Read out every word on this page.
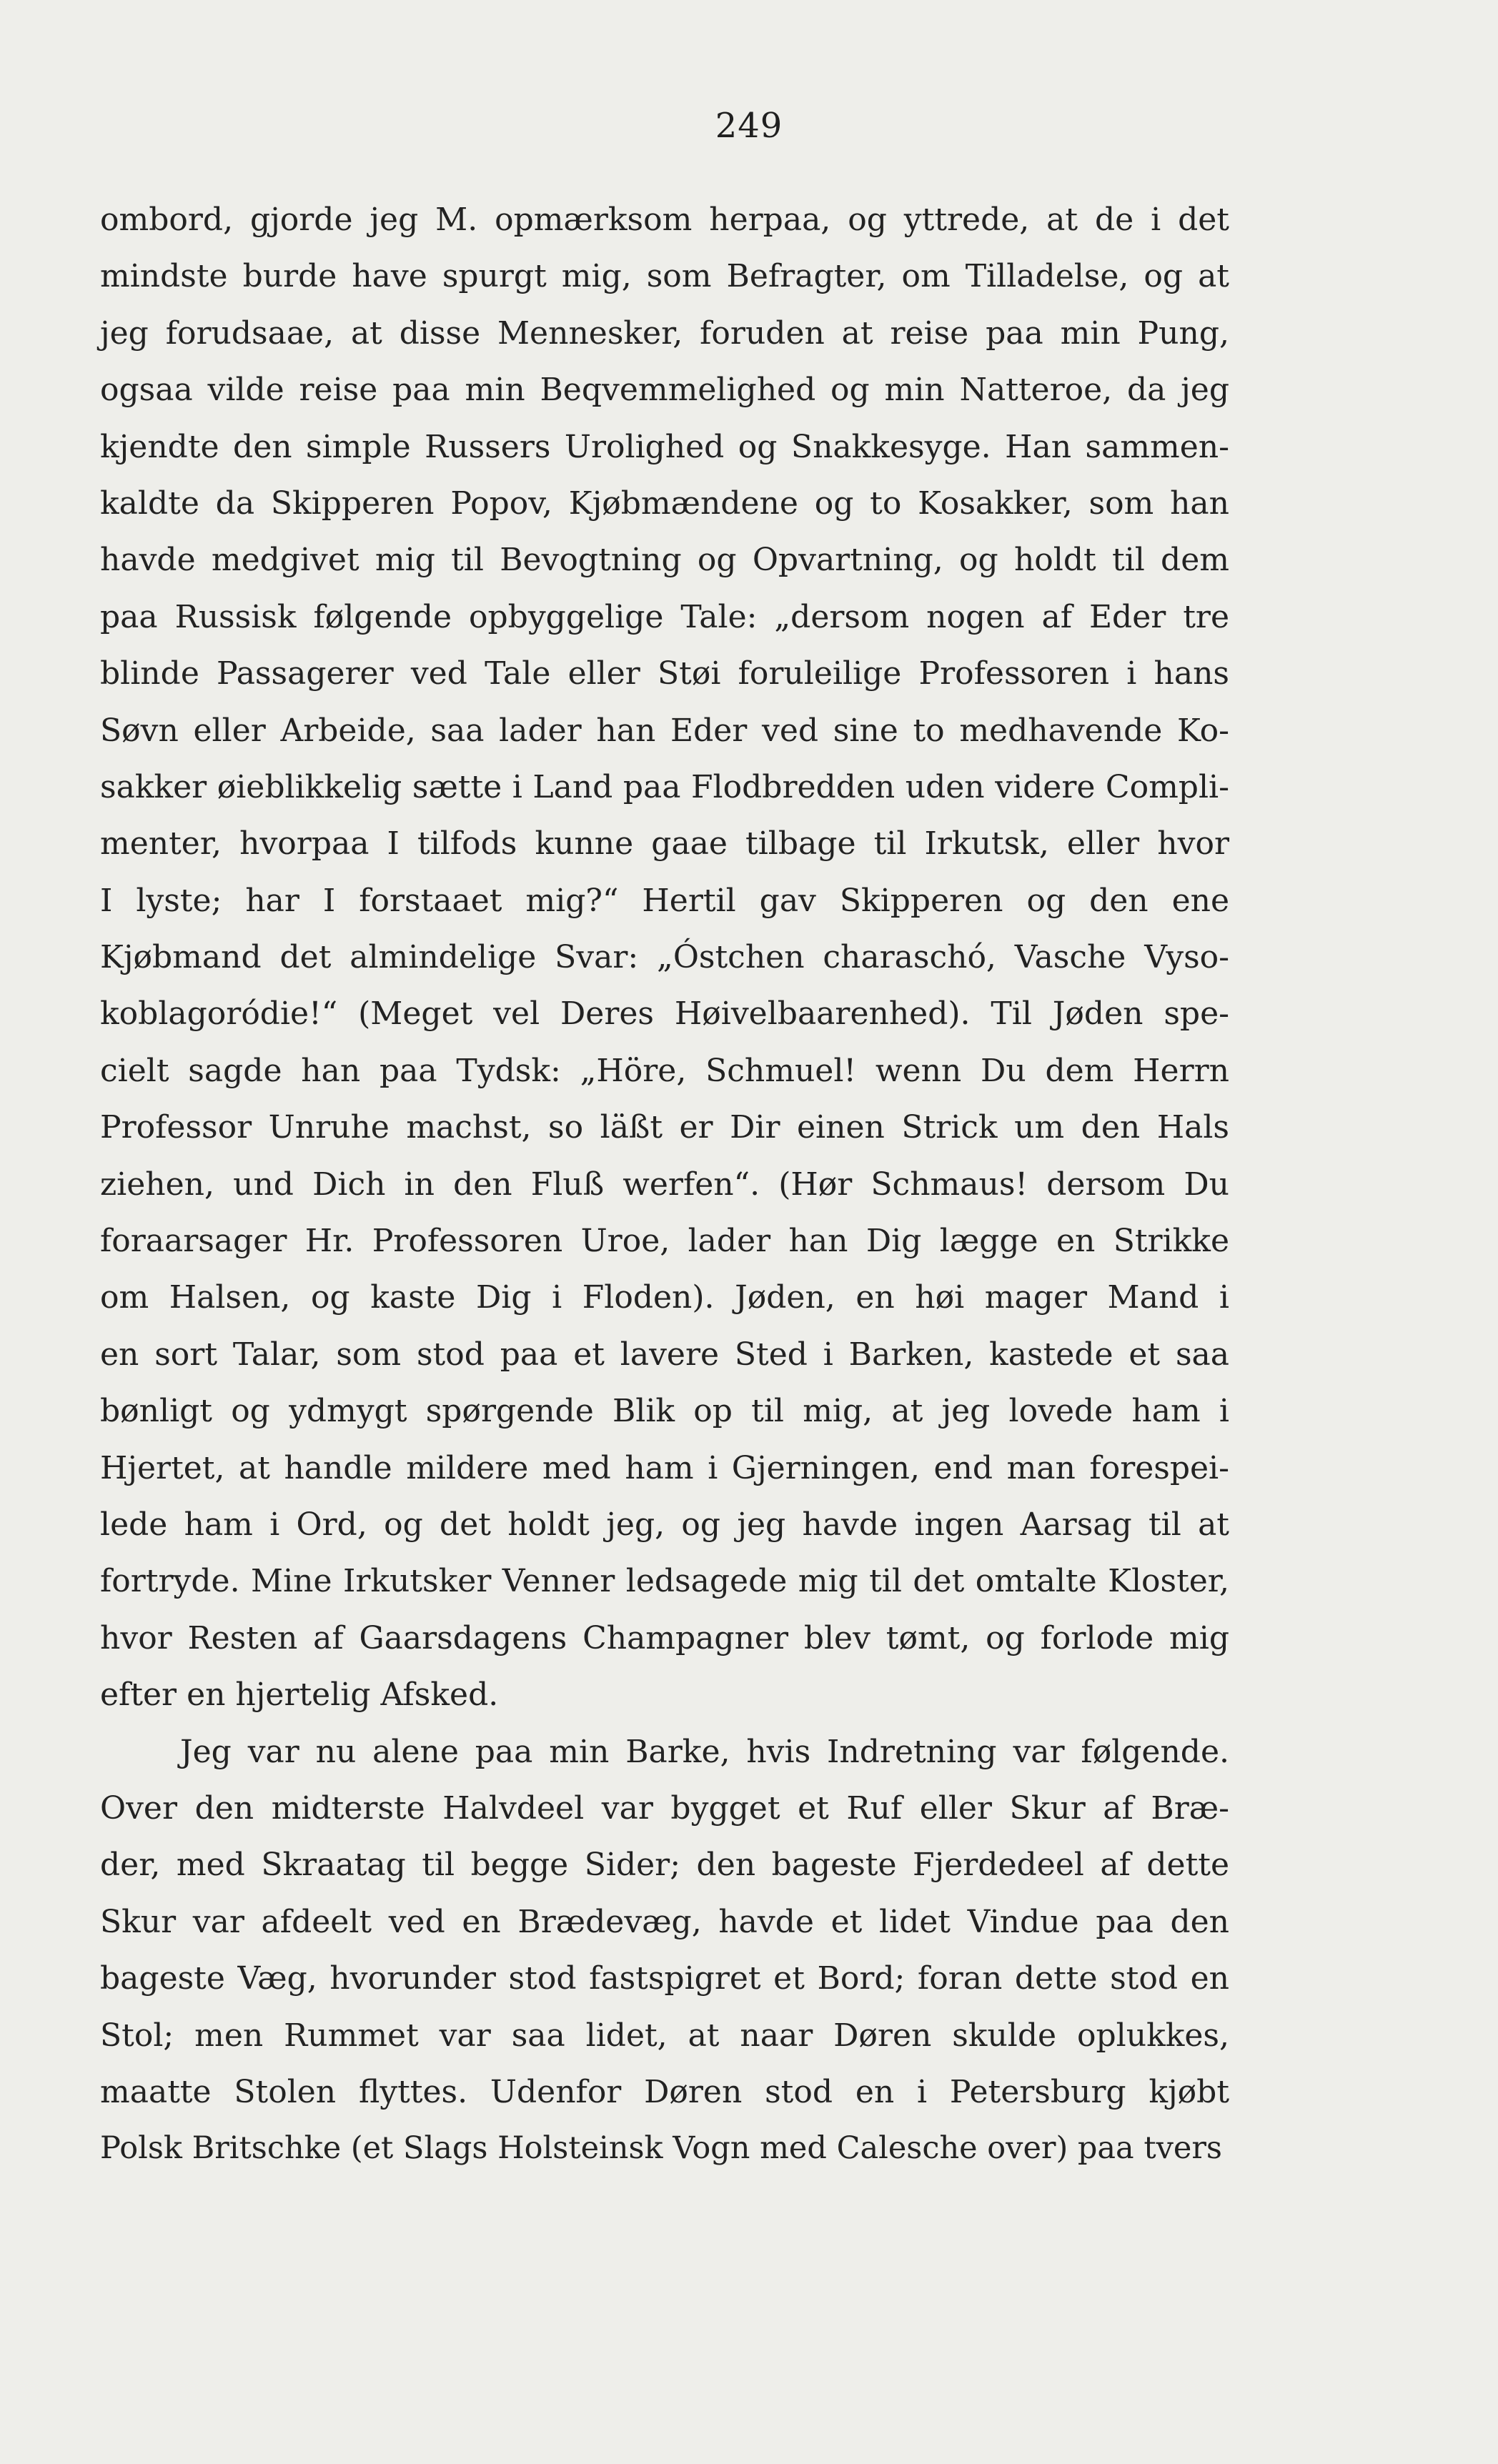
249
ombord, gjorde jeg M. opmærksom herpaa, og yttrede, at de i det
mindste burde have spurgt mig, som Befragter, om Tilladelse, og at
jeg forudsaae, at disse Mennesker, foruden at reise paa min Pung,
ogsaa vilde reise paa min Beqvemmelighed og min Natteroe, da jeg
kjendte den simple Russers Urolighed og Snakkesyge. Han sammen-
kaldte da Skipperen Popov, Kjøbmændene og to Kosakker, som han
havde medgivet mig til Bevogtning og Opvartning, og holdt til dem
paa Russisk følgende opbyggelige Tale: „dersom nogen af Eder tre
blinde Passagerer ved Tale eller Støi foruleilige Professoren i hans
Søvn eller Arbeide, saa lader han Eder ved sine to medhavende Ko-
sakker øieblikkelig sætte i Land paa Flodbredden uden videre Compli-
menter, hvorpaa I tilfods kunne gaae tilbage til Irkutsk, eller hvor
I lyste; har I forstaaet mig?“ Hertil gav Skipperen og den ene
Kjøbmand det almindelige Svar: „Óstchen charaschó, Vasche Vyso-
koblagoródie!“ (Meget vel Deres Høivelbaarenhed). Til Jøden spe-
cielt sagde han paa Tydsk: „Höre, Schmuel! wenn Du dem Herrn
Professor Unruhe machst, so läßt er Dir einen Strick um den Hals
ziehen, und Dich in den Fluß werfen“. (Hør Schmaus! dersom Du
foraarsager Hr. Professoren Uroe, lader han Dig lægge en Strikke
om Halsen, og kaste Dig i Floden). Jøden, en høi mager Mand i
en sort Talar, som stod paa et lavere Sted i Barken, kastede et saa
bønligt og ydmygt spørgende Blik op til mig, at jeg lovede ham i
Hjertet, at handle mildere med ham i Gjerningen, end man forespei-
lede ham i Ord, og det holdt jeg, og jeg havde ingen Aarsag til at
fortryde. Mine Irkutsker Venner ledsagede mig til det omtalte Kloster,
hvor Resten af Gaarsdagens Champagner blev tømt, og forlode mig
efter en hjertelig Afsked.
Jeg var nu alene paa min Barke, hvis Indretning var følgende.
Over den midterste Halvdeel var bygget et Ruf eller Skur af Bræ-
der, med Skraatag til begge Sider; den bageste Fjerdedeel af dette
Skur var afdeelt ved en Brædevæg, havde et lidet Vindue paa den
bageste Væg, hvorunder stod fastspigret et Bord; foran dette stod en
Stol; men Rummet var saa lidet, at naar Døren skulde oplukkes,
maatte Stolen flyttes. Udenfor Døren stod en i Petersburg kjøbt
Polsk Britschke (et Slags Holsteinsk Vogn med Calesche over) paa tvers
